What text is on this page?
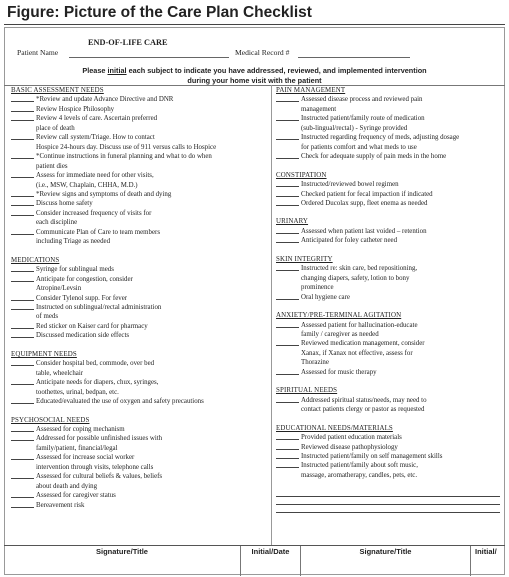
Figure: Picture of the Care Plan Checklist
END-OF-LIFE CARE
Patient Name	Medical Record #
Please initial each subject to indicate you have addressed, reviewed, and implemented intervention
during your home visit with the patient
BASIC ASSESSMENT NEEDS
*Review and update Advance Directive and DNR
Review Hospice Philosophy
Review 4 levels of care. Ascertain preferred
place of death
Review call system/Triage. How to contact
Hospice 24-hours day. Discuss use of 911 versus calls to Hospice
*Continue instructions in funeral planning and what to do when
patient dies
Assess for immediate need for other visits,
(i.e., MSW, Chaplain, CHHA, M.D.)
*Review signs and symptoms of death and dying
Discuss home safety
Consider increased frequency of visits for
each discipline
Communicate Plan of Care to team members
including Triage as needed
MEDICATIONS
Syringe for sublingual meds
Anticipate for congestion, consider
Atropine/Levsin
Consider Tylenol supp. For fever
Instructed on sublingual/rectal administration
of meds
Red sticker on Kaiser card for pharmacy
Discussed medication side effects
EQUIPMENT NEEDS
Consider hospital bed, commode, over bed
table, wheelchair
Anticipate needs for diapers, chux, syringes,
toothettes, urinal, bedpan, etc.
Educated/evaluated the use of oxygen and safety precautions
PSYCHOSOCIAL NEEDS
Assessed for coping mechanism
Addressed for possible unfinished issues with
family/patient, financial/legal
Assessed for increase social worker
intervention through visits, telephone calls
Assessed for cultural beliefs & values, beliefs
about death and dying
Assessed for caregiver status
Bereavement risk
PAIN MANAGEMENT
Assessed disease process and reviewed pain
management
Instructed patient/family route of medication
(sub-lingual/rectal) - Syringe provided
Instructed regarding frequency of meds, adjusting dosage
for patients comfort and what meds to use
Check for adequate supply of pain meds in the home
CONSTIPATION
Instructed/reviewed bowel regimen
Checked patient for fecal impaction if indicated
Ordered Ducolax supp, fleet enema as needed
URINARY
Assessed when patient last voided – retention
Anticipated for foley catheter need
SKIN INTEGRITY
Instructed re: skin care, bed repositioning,
changing diapers, safety, lotion to bony
prominence
Oral hygiene care
ANXIETY/PRE-TERMINAL AGITATION
Assessed patient for hallucination-educate
family / caregiver as needed
Reviewed medication management, consider
Xanax, if Xanax not effective, assess for
Thorazine
Assessed for music therapy
SPIRITUAL NEEDS
Addressed spiritual status/needs, may need to
contact patients clergy or pastor as requested
EDUCATIONAL NEEDS/MATERIALS
Provided patient education materials
Reviewed disease pathophysiology
Instructed patient/family on self management skills
Instructed patient/family about soft music,
massage, aromatherapy, candles, pets, etc.
Signature/Title	Initial/Date	Signature/Title	Initial/
